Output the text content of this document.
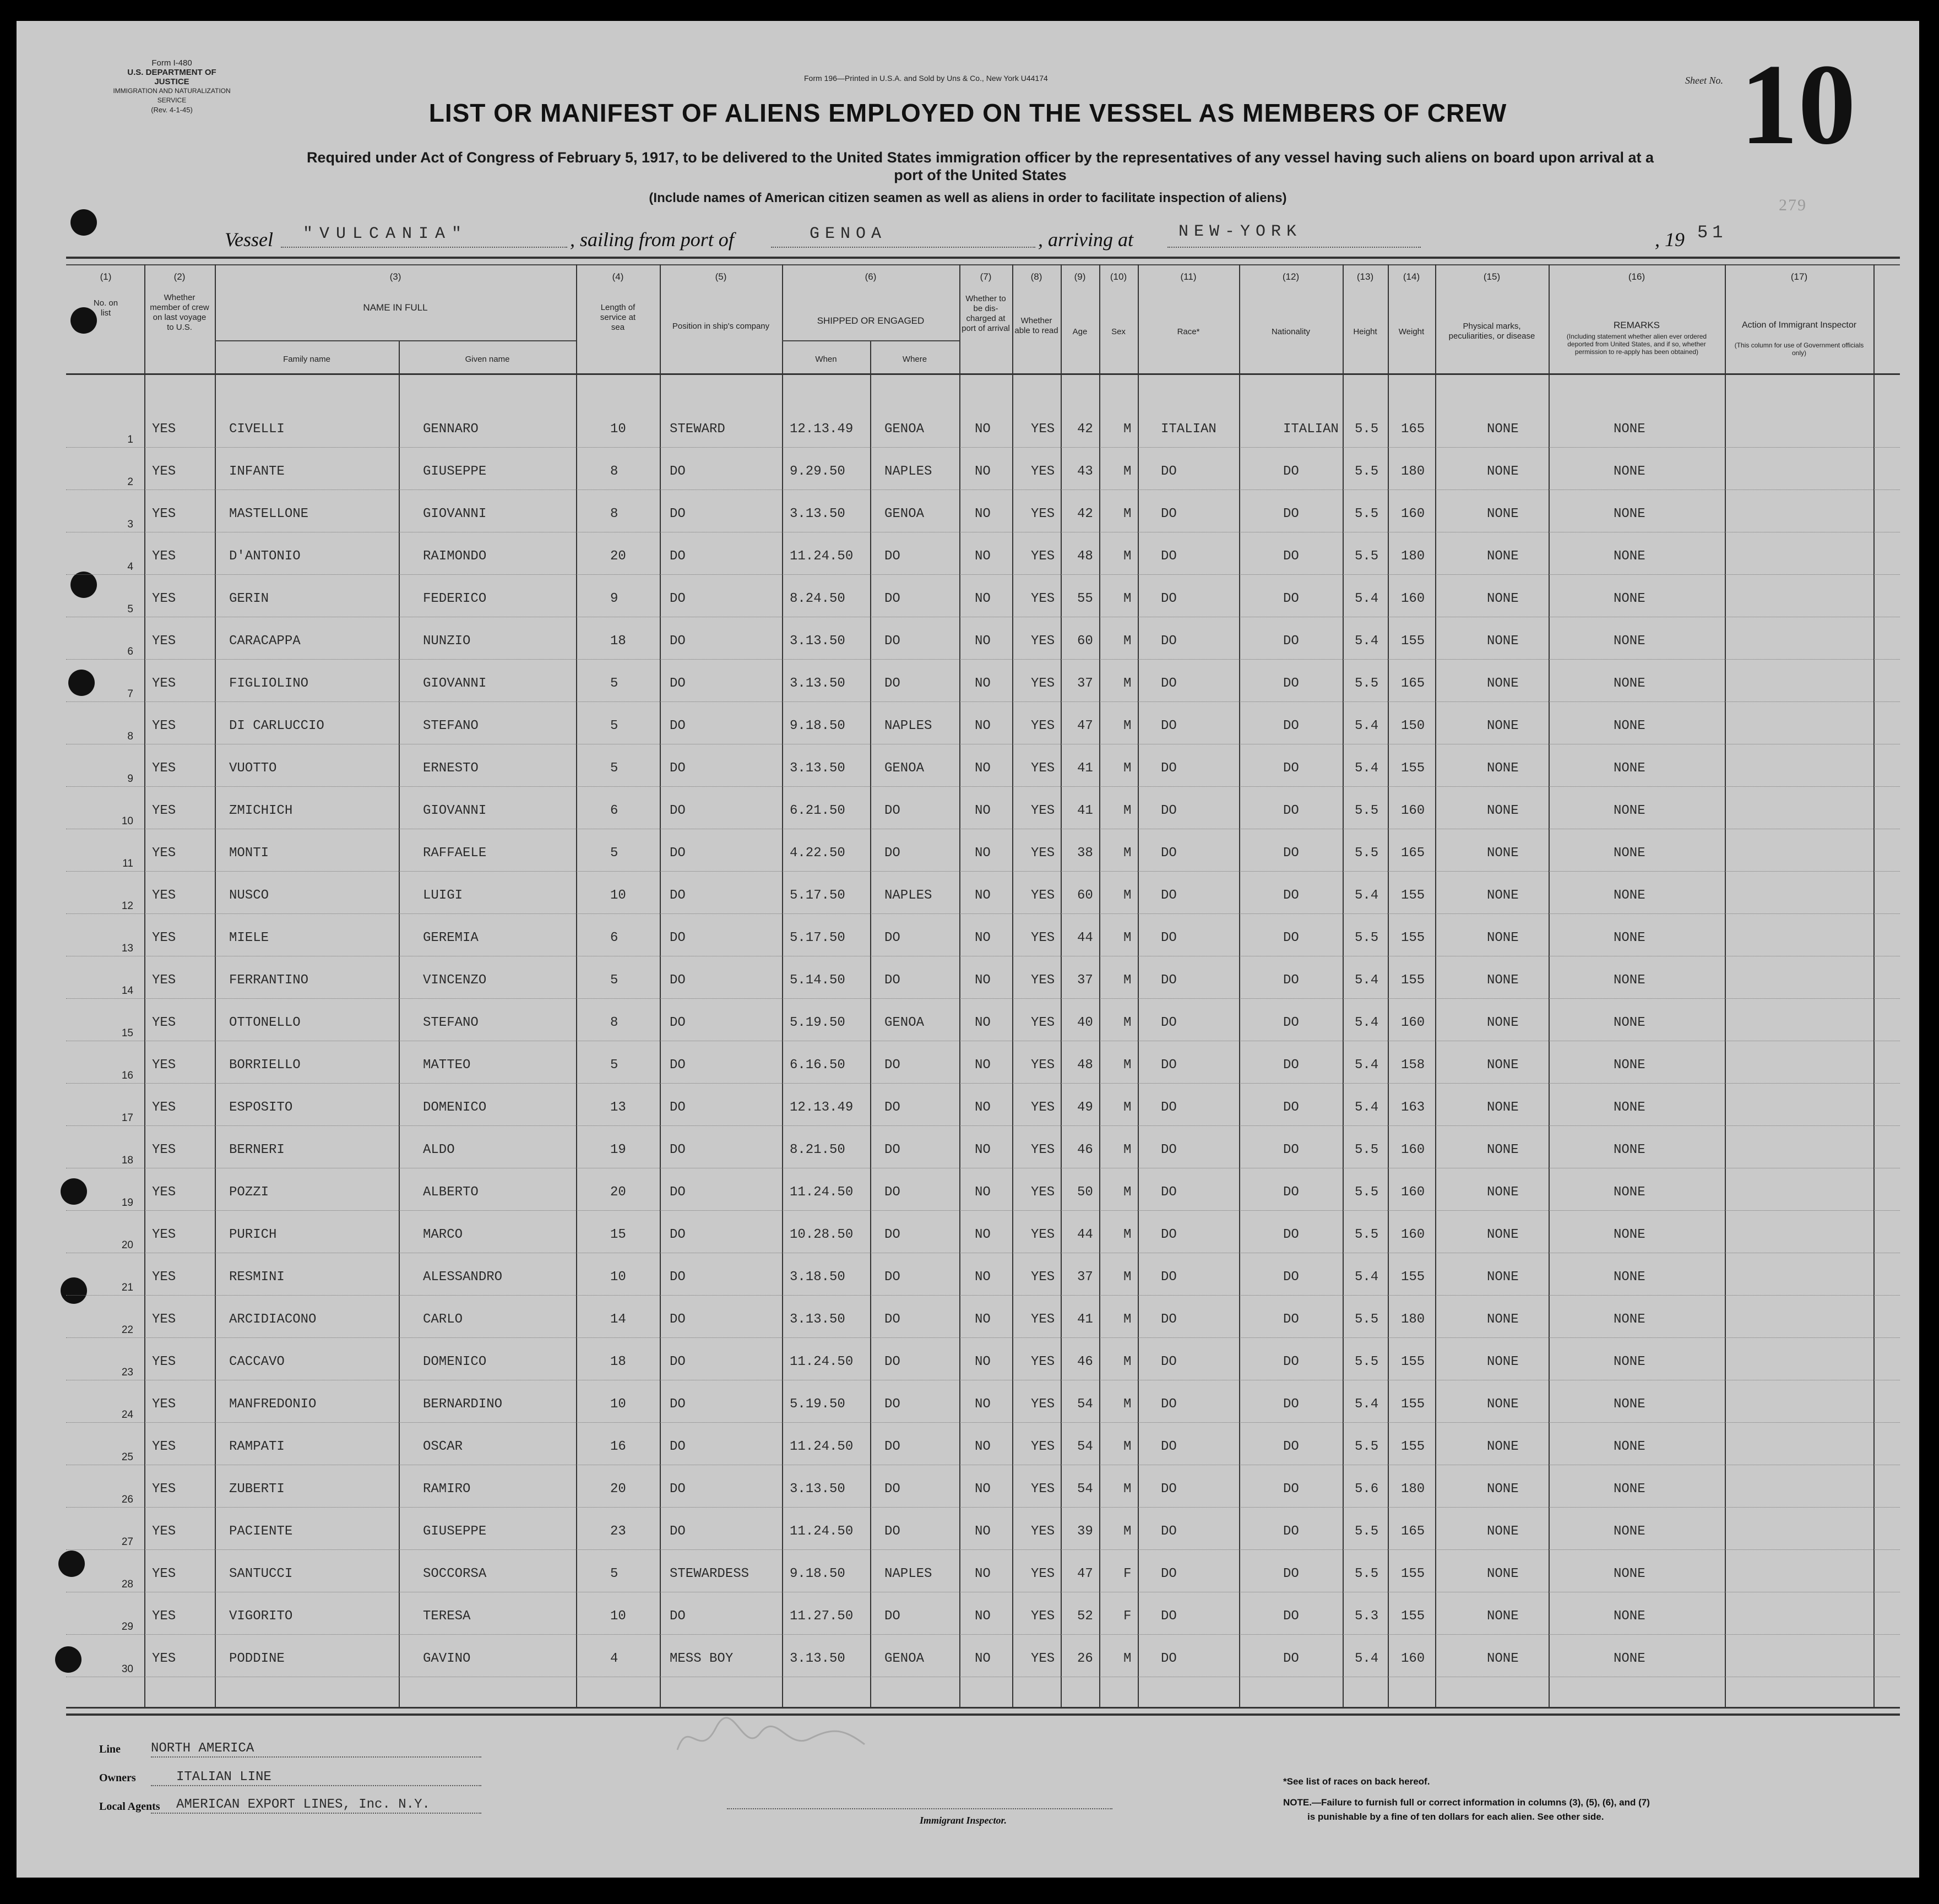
Form I-480
U.S. DEPARTMENT OF JUSTICE
IMMIGRATION AND NATURALIZATION SERVICE
(Rev. 4-1-45)
Form 196—Printed in U.S.A. and Sold by Uns & Co., New York U44174	Sheet No. 10
279
LIST OR MANIFEST OF ALIENS EMPLOYED ON THE VESSEL AS MEMBERS OF CREW
Required under Act of Congress of February 5, 1917, to be delivered to the United States immigration officer by the representatives of any vessel having such aliens on board upon arrival at a
port of the United States
(Include names of American citizen seamen as well as aliens in order to facilitate inspection of aliens)
Vessel "VULCANIA"	, sailing from port of	GENOA	, arriving at	NEW-YORK	, 19 51
(1)	(2)	(3)	(4)	(5)	(6)	(7)	(8)	(9)	(10)	(11)	(12)	(13)	(14)	(15)	(16)	(17)
No. on list
Whether member of crew on last voyage to U.S.
NAME IN FULL
Family name	Given name
Length of service at sea	Position in ship's company
SHIPPED OR ENGAGED
When	Where
Whether to be dis-charged at port of arrival
Whether able to read	Age	Sex	Race*	Nationality	Height	Weight
Physical marks, peculiarities, or disease
REMARKS
(Including statement whether alien ever ordered deported from United States, and if so, whether permission to re-apply has been obtained)
Action of Immigrant Inspector
(This column for use of Government officials only)
1
YES	CIVELLI	GENNARO	10	STEWARD	12.13.49 GENOA	NO	YES 42 M ITALIAN	ITALIAN 5.5 165	NONE	NONE
2
YES	INFANTE	GIUSEPPE	8	DO	9.29.50	NAPLES	NO	YES 43 M DO	DO	5.5 180	NONE	NONE
3
YES	MASTELLONE	GIOVANNI	8	DO	3.13.50	GENOA	NO	YES 42 M DO	DO	5.5 160	NONE	NONE
4
YES	D'ANTONIO	RAIMONDO	20	DO	11.24.50 DO	NO	YES 48 M DO	DO	5.5 180	NONE	NONE
5
YES	GERIN	FEDERICO	9	DO	8.24.50	DO	NO	YES 55 M DO	DO	5.4 160	NONE	NONE
6
YES	CARACAPPA	NUNZIO	18	DO	3.13.50	DO	NO	YES 60 M DO	DO	5.4 155	NONE	NONE
7
YES	FIGLIOLINO	GIOVANNI	5	DO	3.13.50	DO	NO	YES 37 M DO	DO	5.5 165	NONE	NONE
8
YES	DI CARLUCCIO	STEFANO	5	DO	9.18.50	NAPLES	NO	YES 47 M DO	DO	5.4 150	NONE	NONE
9
YES	VUOTTO	ERNESTO	5	DO	3.13.50	GENOA	NO	YES 41 M DO	DO	5.4 155	NONE	NONE
10
YES	ZMICHICH	GIOVANNI	6	DO	6.21.50	DO	NO	YES 41 M DO	DO	5.5 160	NONE	NONE
11
YES	MONTI	RAFFAELE	5	DO	4.22.50	DO	NO	YES 38 M DO	DO	5.5 165	NONE	NONE
12
YES	NUSCO	LUIGI	10	DO	5.17.50	NAPLES	NO	YES 60 M DO	DO	5.4 155	NONE	NONE
13
YES	MIELE	GEREMIA	6	DO	5.17.50	DO	NO	YES 44 M DO	DO	5.5 155	NONE	NONE
14
YES	FERRANTINO	VINCENZO	5	DO	5.14.50	DO	NO	YES 37 M DO	DO	5.4 155	NONE	NONE
15
YES	OTTONELLO	STEFANO	8	DO	5.19.50	GENOA	NO	YES 40 M DO	DO	5.4 160	NONE	NONE
16
YES	BORRIELLO	MATTEO	5	DO	6.16.50	DO	NO	YES 48 M DO	DO	5.4 158	NONE	NONE
17
YES	ESPOSITO	DOMENICO	13	DO	12.13.49 DO	NO	YES 49 M DO	DO	5.4 163	NONE	NONE
18
YES	BERNERI	ALDO	19	DO	8.21.50	DO	NO	YES 46 M DO	DO	5.5 160	NONE	NONE
19
YES	POZZI	ALBERTO	20	DO	11.24.50 DO	NO	YES 50 M DO	DO	5.5 160	NONE	NONE
20
YES	PURICH	MARCO	15	DO	10.28.50 DO	NO	YES 44 M DO	DO	5.5 160	NONE	NONE
21
YES	RESMINI	ALESSANDRO	10	DO	3.18.50	DO	NO	YES 37 M DO	DO	5.4 155	NONE	NONE
22
YES	ARCIDIACONO	CARLO	14	DO	3.13.50	DO	NO	YES 41 M DO	DO	5.5 180	NONE	NONE
23
YES	CACCAVO	DOMENICO	18	DO	11.24.50 DO	NO	YES 46 M DO	DO	5.5 155	NONE	NONE
24
YES	MANFREDONIO	BERNARDINO	10	DO	5.19.50	DO	NO	YES 54 M DO	DO	5.4 155	NONE	NONE
25
YES	RAMPATI	OSCAR	16	DO	11.24.50 DO	NO	YES 54 M DO	DO	5.5 155	NONE	NONE
26
YES	ZUBERTI	RAMIRO	20	DO	3.13.50	DO	NO	YES 54 M DO	DO	5.6 180	NONE	NONE
27
YES	PACIENTE	GIUSEPPE	23	DO	11.24.50 DO	NO	YES 39 M DO	DO	5.5 165	NONE	NONE
28
YES	SANTUCCI	SOCCORSA	5	STEWARDESS	9.18.50	NAPLES	NO	YES 47 F DO	DO	5.5 155	NONE	NONE
29
YES	VIGORITO	TERESA	10	DO	11.27.50 DO	NO	YES 52 F DO	DO	5.3 155	NONE	NONE
30
YES	PODDINE	GAVINO	4	MESS BOY	3.13.50	GENOA	NO	YES 26 M DO	DO	5.4 160	NONE	NONE
Line NORTH AMERICA
Owners	ITALIAN LINE
Local Agents AMERICAN EXPORT LINES, Inc. N.Y.
Immigrant Inspector.
*See list of races on back hereof.
NOTE.—Failure to furnish full or correct information in columns (3), (5), (6), and (7)
is punishable by a fine of ten dollars for each alien. See other side.
